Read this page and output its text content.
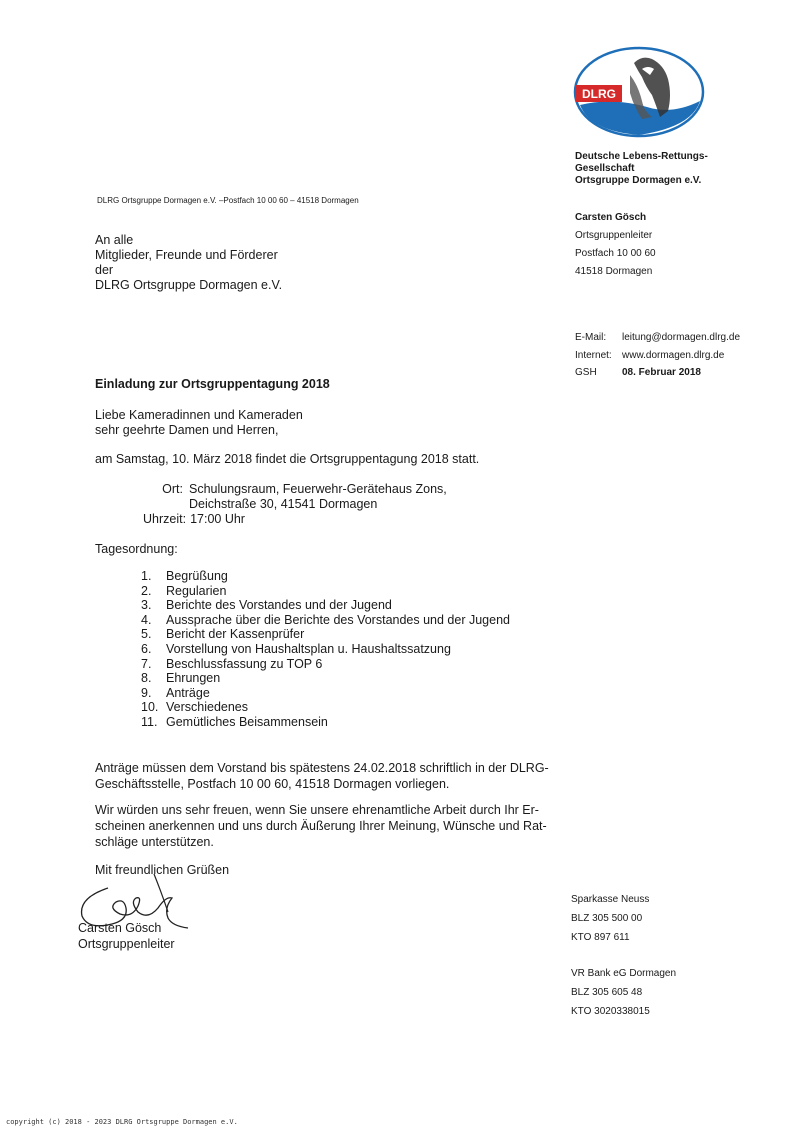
DLRG
Deutsche Lebens-Rettungs-
Gesellschaft
Ortsgruppe Dormagen e.V.
DLRG Ortsgruppe Dormagen e.V. –Postfach 10 00 60 – 41518 Dormagen
Carsten Gösch
Ortsgruppenleiter
Postfach 10 00 60
41518 Dormagen
An alle
Mitglieder, Freunde und Förderer
der
DLRG Ortsgruppe Dormagen e.V.
E-Mail:	leitung@dormagen.dlrg.de
Internet:	www.dormagen.dlrg.de
GSH	08. Februar 2018
Einladung zur Ortsgruppentagung 2018
Liebe Kameradinnen und Kameraden
sehr geehrte Damen und Herren,
am Samstag, 10. März 2018 findet die Ortsgruppentagung 2018 statt.
Ort: Schulungsraum, Feuerwehr-Gerätehaus Zons,
Deichstraße 30, 41541 Dormagen
Uhrzeit: 17:00 Uhr
Tagesordnung:
1.	Begrüßung
2.	Regularien
3.	Berichte des Vorstandes und der Jugend
4.	Aussprache über die Berichte des Vorstandes und der Jugend
5.	Bericht der Kassenprüfer
6.	Vorstellung von Haushaltsplan u. Haushaltssatzung
7.	Beschlussfassung zu TOP 6
8.	Ehrungen
9.	Anträge
10. Verschiedenes
11. Gemütliches Beisammensein
Anträge müssen dem Vorstand bis spätestens 24.02.2018 schriftlich in der DLRG-
Geschäftsstelle, Postfach 10 00 60, 41518 Dormagen vorliegen.
Wir würden uns sehr freuen, wenn Sie unsere ehrenamtliche Arbeit durch Ihr Er-
scheinen anerkennen und uns durch Äußerung Ihrer Meinung, Wünsche und Rat-
schläge unterstützen.
Mit freundlichen Grüßen
Carsten Gösch
Ortsgruppenleiter
Sparkasse Neuss
BLZ 305 500 00
KTO 897 611
VR Bank eG Dormagen
BLZ 305 605 48
KTO 3020338015
copyright (c) 2018 - 2023 DLRG Ortsgruppe Dormagen e.V.
